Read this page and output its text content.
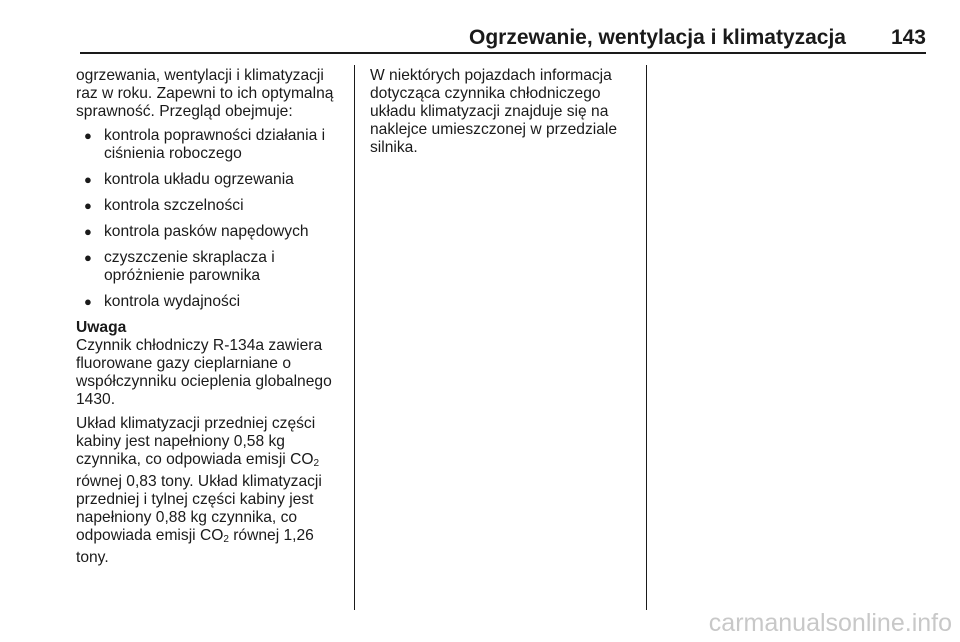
Ogrzewanie, wentylacja i klimatyzacja 143

ogrzewania, wentylacji i klimatyzacji raz w roku. Zapewni to ich optymalną sprawność. Przegląd obejmuje:

● kontrola poprawności działania i ciśnienia roboczego
● kontrola układu ogrzewania
● kontrola szczelności
● kontrola pasków napędowych
● czyszczenie skraplacza i opróżnienie parownika
● kontrola wydajności

Uwaga

Czynnik chłodniczy R-134a zawiera fluorowane gazy cieplarniane o współczynniku ocieplenia globalnego 1430.

Układ klimatyzacji przedniej części kabiny jest napełniony 0,58 kg czynnika, co odpowiada emisji $CO_2$ równej 0,83 tony. Układ klimatyzacji przedniej i tylnej części kabiny jest napełniony 0,88 kg czynnika, co odpowiada emisji $CO_2$ równej 1,26 tony.

W niektórych pojazdach informacja dotycząca czynnika chłodniczego układu klimatyzacji znajduje się na naklejce umieszczonej w przedziale silnika.

carmanualsonline.info
